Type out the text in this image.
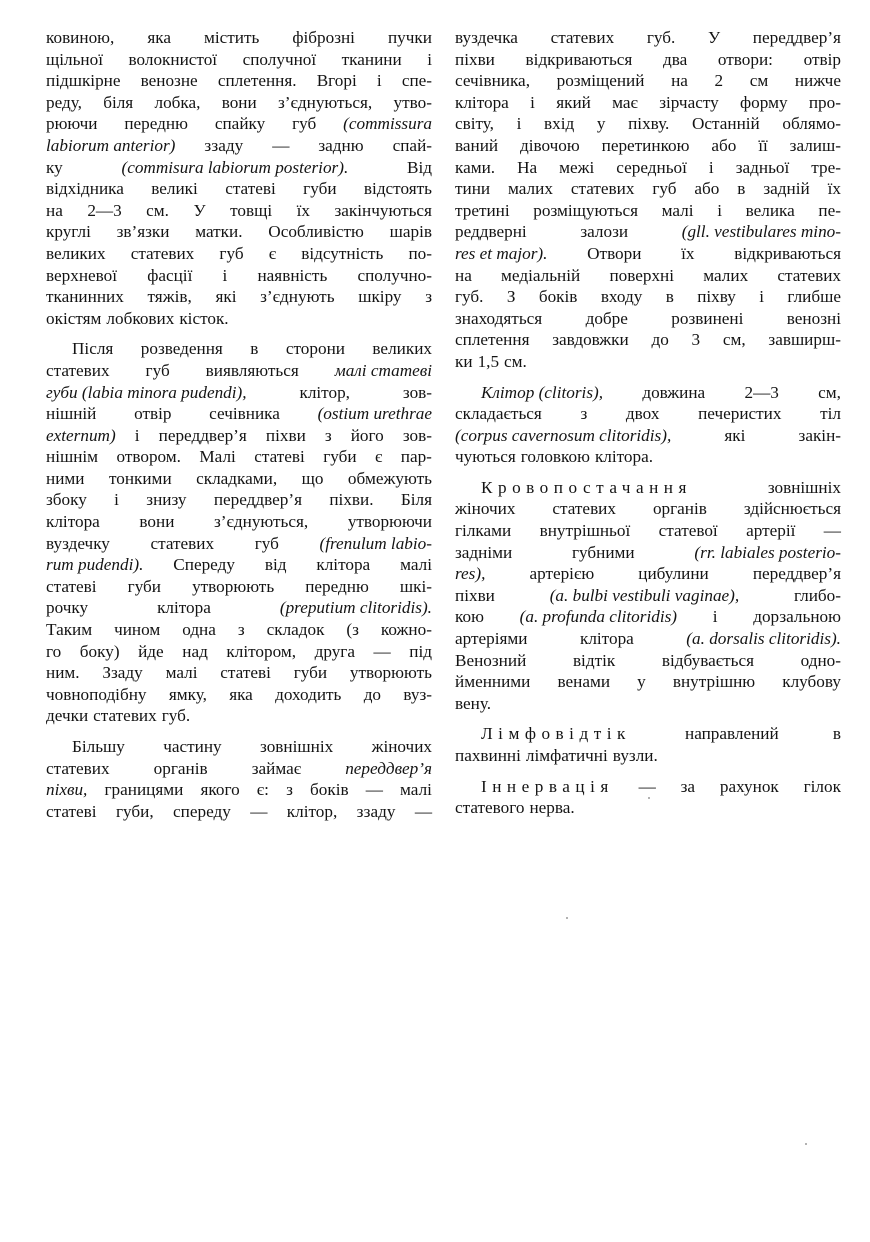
ковиною, яка містить фіброзні пучки
щільної волокнистої сполучної тканини і
підшкірне венозне сплетення. Вгорі і спе-
реду, біля лобка, вони з’єднуються, утво-
рюючи передню спайку губ (commissura
labiorum anterior) ззаду — задню спай-
ку	(commisura labiorum posterior).	Від
відхідника великі статеві губи відстоять
на 2—3 см. У товщі їх закінчуються
круглі зв’язки матки. Особливістю шарів
великих статевих губ є відсутність по-
верхневої фасції і наявність сполучно-
тканинних тяжів, які з’єднують шкіру з
окістям лобкових кісток.
Після розведення в сторони великих
статевих губ виявляються малі статеві
губи (labia minora pudendi),	клітор,	зов-
нішній отвір сечівника (ostium urethrae
externum) і переддвер’я піхви з його зов-
нішнім отвором. Малі статеві губи є пар-
ними тонкими складками, що обмежують
збоку і знизу переддвер’я піхви. Біля
клітора вони з’єднуються, утворюючи
вуздечку статевих губ (frenulum labio-
rum pudendi). Спереду від клітора малі
статеві губи утворюють передню шкі-
рочку	клітора	(preputium clitoridis).
Таким чином одна з складок (з кожно-
го боку) йде над клітором, друга — під
ним. Ззаду малі статеві губи утворюють
човноподібну ямку, яка доходить до вуз-
дечки статевих губ.
Більшу частину зовнішніх жіночих
статевих	органів	займає	переддвер’я
піхви, границями якого є: з боків — малі
статеві губи, спереду — клітор, ззаду —
вуздечка статевих губ. У переддвер’я
піхви відкриваються два отвори: отвір
сечівника, розміщений на 2 см нижче
клітора і який має зірчасту форму про-
світу, і вхід у піхву. Останній облямо-
ваний дівочою перетинкою або її залиш-
ками. На межі середньої і задньої тре-
тини малих статевих губ або в задній їх
третині розміщуються малі і велика пе-
реддверні	залози	(gll. vestibulares mino-
res et major). Отвори їх відкриваються
на медіальній поверхні малих статевих
губ. З боків входу в піхву і глибше
знаходяться	добре	розвинені	венозні
сплетення завдовжки до 3 см, завширш-
ки 1,5 см.
Клітор (clitoris), довжина 2—3 см,
складається з двох печеристих тіл
(corpus cavernosum clitoridis),	які	закін-
чуються головкою клітора.
Кровопостачання	зовнішніх
жіночих статевих органів здійснюється
гілками внутрішньої статевої артерії —
задніми	губними	(rr. labiales posterio-
res),	артерією	цибулини	переддвер’я
піхви	(a. bulbi vestibuli vaginae),	глибо-
кою (a. profunda clitoridis) і дорзальною
артеріями	клітора	(a. dorsalis clitoridis).
Венозний	відтік	відбувається	одно-
йменними венами у внутрішню клубову
вену.
Лімфовідтік	направлений	в
пахвинні лімфатичні вузли.
Іннервація — за рахунок гілок
статевого нерва.
